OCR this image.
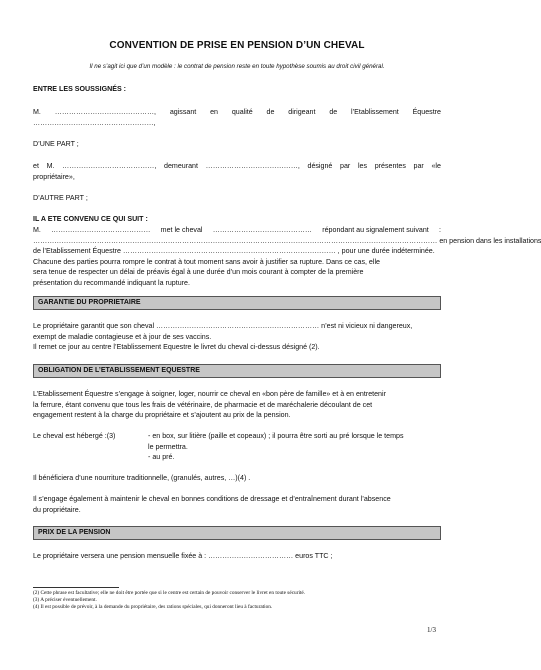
CONVENTION DE PRISE EN PENSION D’UN CHEVAL
Il ne s’agit ici que d’un modèle : le contrat de pension reste en toute hypothèse soumis au droit civil général.
ENTRE LES SOUSSIGNÉS :
M. ……………………………………, agissant en qualité de dirigeant de l’Etablissement Équestre
……………………………………………,
D’UNE PART ;
et M. …………………………………, demeurant …………………………………, désigné par les présentes par «le
propriétaire»,
D’AUTRE PART ;
IL A ETE CONVENU CE QUI SUIT :
M. …………………………………… met le cheval …………………………………… répondant au signalement suivant :
……………………………………………………………………………………………………………………………………………………… en pension dans les installations
de l’Etablissement Équestre ……………………………………………………………………………… , pour une durée indéterminée.
Chacune des parties pourra rompre le contrat à tout moment sans avoir à justifier sa rupture. Dans ce cas, elle
sera tenue de respecter un délai de préavis égal à une durée d’un mois courant à compter de la première
présentation du recommandé indiquant la rupture.
GARANTIE DU PROPRIETAIRE
Le propriétaire garantit que son cheval …………………………………………………………… n’est ni vicieux ni dangereux,
exempt de maladie contagieuse et à jour de ses vaccins.
Il remet ce jour au centre l’Etablissement Equestre le livret du cheval ci-dessus désigné (2).
OBLIGATION DE L’ETABLISSEMENT EQUESTRE
L’Etablissement Équestre s’engage à soigner, loger, nourrir ce cheval en «bon père de famille» et à en entretenir
la ferrure, étant convenu que tous les frais de vétérinaire, de pharmacie et de maréchalerie découlant de cet
engagement restent à la charge du propriétaire et s’ajoutent au prix de la pension.
Le cheval est hébergé :(3)	- en box, sur litière (paille et copeaux) ; il pourra être sorti au pré lorsque le temps
le permettra.
- au pré.
Il bénéficiera d’une nourriture traditionnelle, (granulés, autres, …)(4) .
Il s’engage également à maintenir le cheval en bonnes conditions de dressage et d’entraînement durant l’absence
du propriétaire.
PRIX DE LA PENSION
Le propriétaire versera une pension mensuelle fixée à : ……………………………… euros TTC ;
(2) Cette phrase est facultative; elle ne doit être portée que si le centre est certain de pouvoir conserver le livret en toute sécurité.
(3) A préciser éventuellement.
(4) Il est possible de prévoir, à la demande du propriétaire, des rations spéciales, qui donneront lieu à facturation.
1/3
